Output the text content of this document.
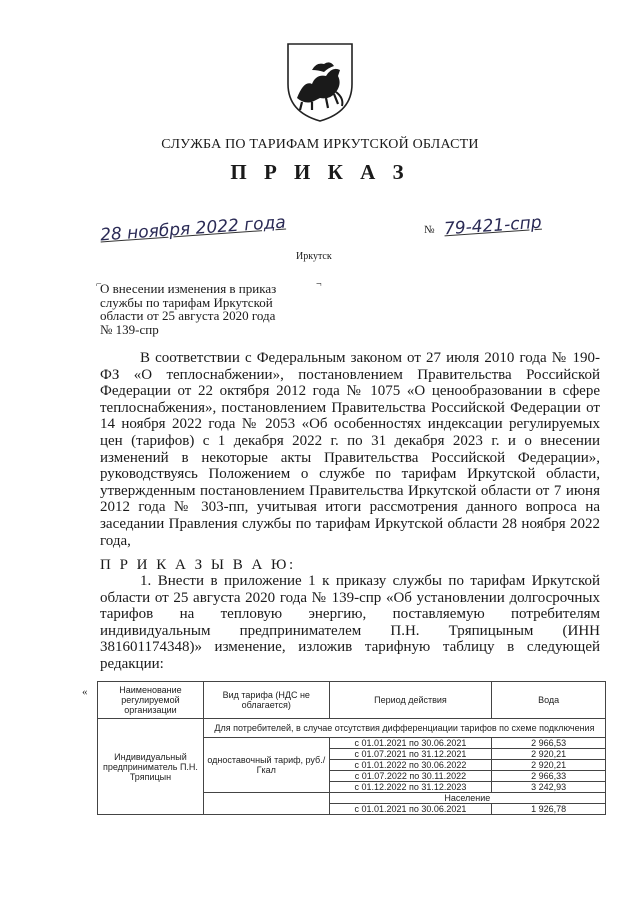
СЛУЖБА ПО ТАРИФАМ ИРКУТСКОЙ ОБЛАСТИ
П Р И К А З
28 ноября 2022 года	№ 79-421-спр
Иркутск
⌐	¬
О внесении изменения в приказ
службы по тарифам Иркутской
области от 25 августа 2020 года
№ 139-спр

В соответствии с Федеральным законом от 27 июля 2010 года № 190-ФЗ «О теплоснабжении», постановлением Правительства Российской Федерации от 22 октября 2012 года № 1075 «О ценообразовании в сфере теплоснабжения», постановлением Правительства Российской Федерации от 14 ноября 2022 года № 2053 «Об особенностях индексации регулируемых цен (тарифов) с 1 декабря 2022 г. по 31 декабря 2023 г. и о внесении изменений в некоторые акты Правительства Российской Федерации», руководствуясь Положением о службе по тарифам Иркутской области, утвержденным постановлением Правительства Иркутской области от 7 июня 2012 года № 303-пп, учитывая итоги рассмотрения данного вопроса на заседании Правления службы по тарифам Иркутской области 28 ноября 2022 года,

П Р И К А З Ы В А Ю:
1. Внести в приложение 1 к приказу службы по тарифам Иркутской области от 25 августа 2020 года № 139-спр «Об установлении долгосрочных тарифов на тепловую энергию, поставляемую потребителям индивидуальным предпринимателем П.Н. Тряпицыным (ИНН 381601174348)» изменение, изложив тарифную таблицу в следующей редакции:
«	Наименование регулируемой организации	Вид тарифа (НДС не облагается)	Период действия	Вода
Индивидуальный предприниматель П.Н. Тряпицын	Для потребителей, в случае отсутствия дифференциации тарифов по схеме подключения		
	одноставочный тариф, руб./Гкал	с 01.01.2021 по 30.06.2021	2 966,53
		с 01.07.2021 по 31.12.2021	2 920,21
		с 01.01.2022 по 30.06.2022	2 920,21
		с 01.07.2022 по 30.11.2022	2 966,33
		с 01.12.2022 по 31.12.2023	3 242,93
		Население	
		с 01.01.2021 по 30.06.2021	1 926,78
